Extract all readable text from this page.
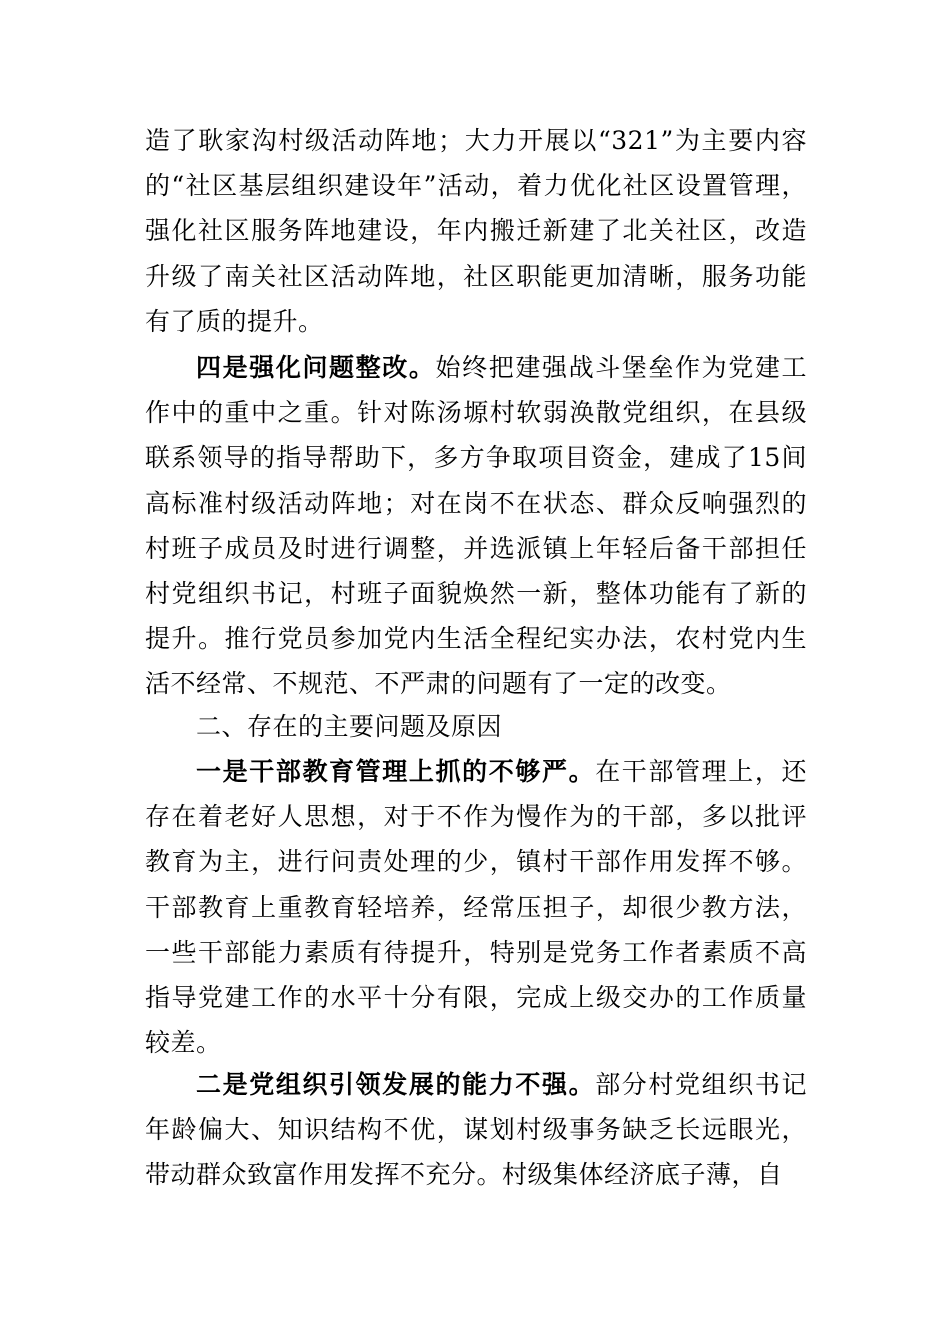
造了耿家沟村级活动阵地；大力开展以“321”为主要内容的“社区基层组织建设年”活动，着力优化社区设置管理，强化社区服务阵地建设，年内搬迁新建了北关社区，改造升级了南关社区活动阵地，社区职能更加清晰，服务功能有了质的提升。

四是强化问题整改。始终把建强战斗堡垒作为党建工作中的重中之重。针对陈汤塬村软弱涣散党组织，在县级联系领导的指导帮助下，多方争取项目资金，建成了15间高标准村级活动阵地；对在岗不在状态、群众反响强烈的村班子成员及时进行调整，并选派镇上年轻后备干部担任村党组织书记，村班子面貌焕然一新，整体功能有了新的提升。推行党员参加党内生活全程纪实办法，农村党内生活不经常、不规范、不严肃的问题有了一定的改变。

二、存在的主要问题及原因

一是干部教育管理上抓的不够严。在干部管理上，还存在着老好人思想，对于不作为慢作为的干部，多以批评教育为主，进行问责处理的少，镇村干部作用发挥不够。干部教育上重教育轻培养，经常压担子，却很少教方法，一些干部能力素质有待提升，特别是党务工作者素质不高指导党建工作的水平十分有限，完成上级交办的工作质量较差。

二是党组织引领发展的能力不强。部分村党组织书记年龄偏大、知识结构不优，谋划村级事务缺乏长远眼光，带动群众致富作用发挥不充分。村级集体经济底子薄，自
